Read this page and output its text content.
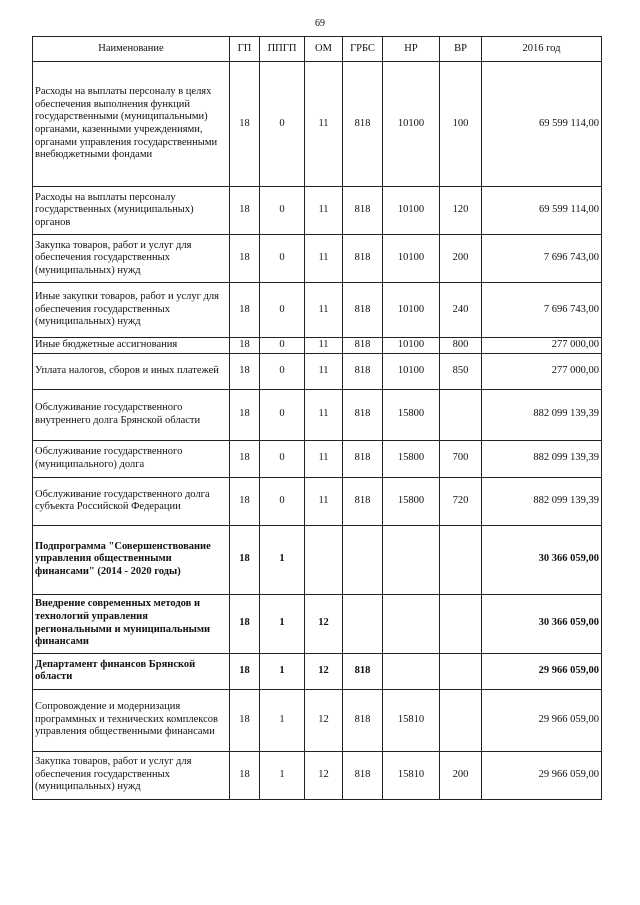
69
Наименование	ГП	ППГП	ОМ	ГРБС	НР	ВР	2016 год
Расходы на выплаты персоналу в целях обеспечения выполнения функций государственными (муниципальными) органами, казенными учреждениями, органами управления государственными внебюджетными фондами	18	0	11	818	10100	100	69 599 114,00
Расходы на выплаты персоналу государственных (муниципальных) органов	18	0	11	818	10100	120	69 599 114,00
Закупка товаров, работ и услуг для обеспечения государственных (муниципальных) нужд	18	0	11	818	10100	200	7 696 743,00
Иные закупки товаров, работ и услуг для обеспечения государственных (муниципальных) нужд	18	0	11	818	10100	240	7 696 743,00
Иные бюджетные ассигнования	18	0	11	818	10100	800	277 000,00
Уплата налогов, сборов и иных платежей	18	0	11	818	10100	850	277 000,00
Обслуживание государственного внутреннего долга Брянской области	18	0	11	818	15800		882 099 139,39
Обслуживание государственного (муниципального) долга	18	0	11	818	15800	700	882 099 139,39
Обслуживание государственного долга субъекта Российской Федерации	18	0	11	818	15800	720	882 099 139,39
Подпрограмма "Совершенствование управления общественными финансами" (2014 - 2020 годы)	18	1					30 366 059,00
Внедрение современных методов и технологий управления региональными и муниципальными финансами	18	1	12				30 366 059,00
Департамент финансов Брянской области	18	1	12	818			29 966 059,00
Сопровождение и модернизация программных и технических комплексов управления общественными финансами	18	1	12	818	15810		29 966 059,00
Закупка товаров, работ и услуг для обеспечения государственных (муниципальных) нужд	18	1	12	818	15810	200	29 966 059,00
